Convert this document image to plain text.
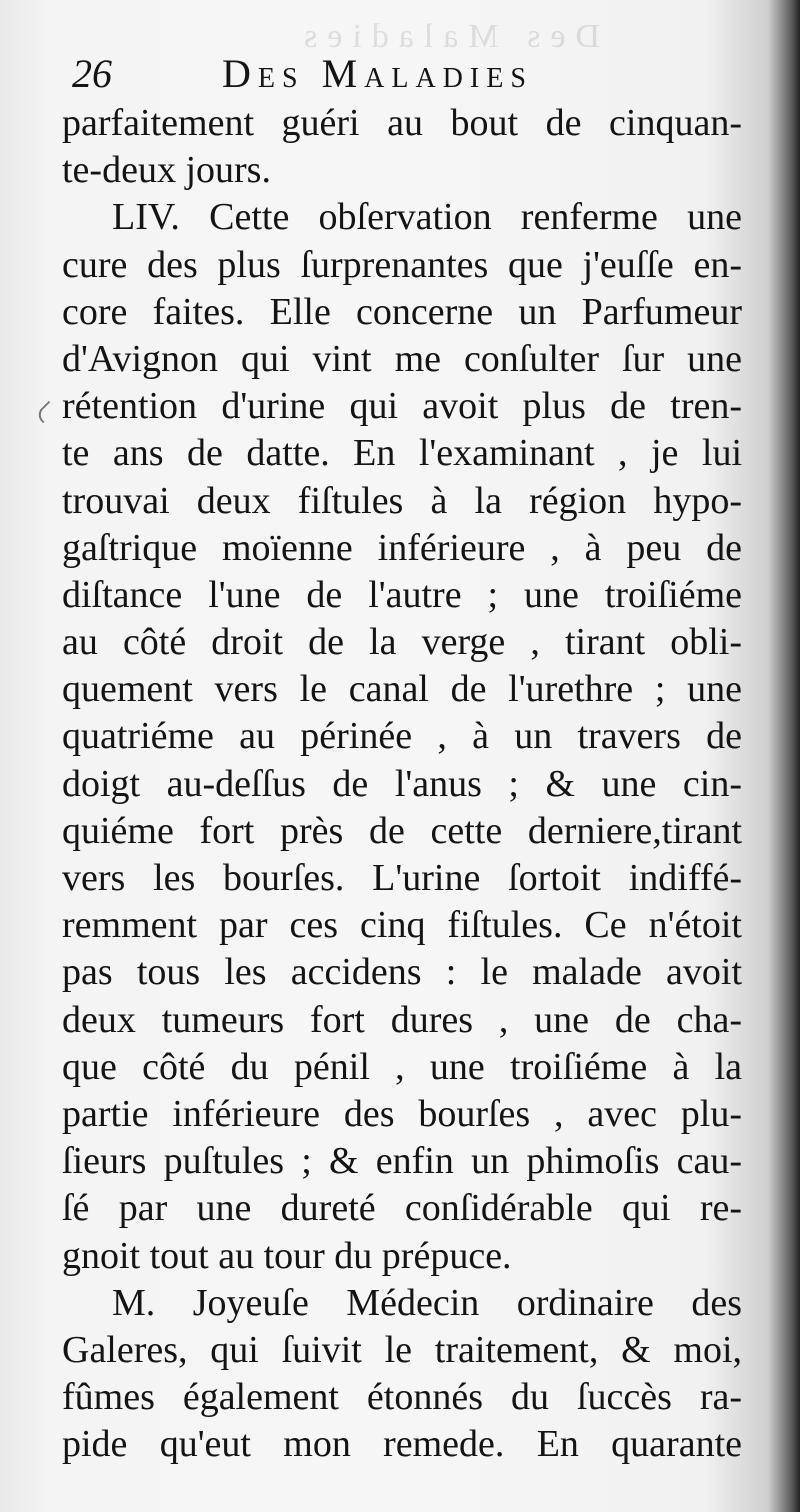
Des Maladies
26	Des Maladies
parfaitement guéri au bout de cinquan-
te-deux jours.
LIV. Cette obſervation renferme une
cure des plus ſurprenantes que j'euſſe en-
core faites. Elle concerne un Parfumeur
d'Avignon qui vint me conſulter ſur une
rétention d'urine qui avoit plus de tren-
te ans de datte. En l'examinant , je lui
trouvai deux fiſtules à la région hypo-
gaſtrique moïenne inférieure , à peu de
diſtance l'une de l'autre ; une troiſiéme
au côté droit de la verge , tirant obli-
quement vers le canal de l'urethre ; une
quatriéme au périnée , à un travers de
doigt au-deſſus de l'anus ; & une cin-
quiéme fort près de cette derniere,tirant
vers les bourſes. L'urine ſortoit indiffé-
remment par ces cinq fiſtules. Ce n'étoit
pas tous les accidens : le malade avoit
deux tumeurs fort dures , une de cha-
que côté du pénil , une troiſiéme à la
partie inférieure des bourſes , avec plu-
ſieurs puſtules ; & enfin un phimoſis cau-
ſé par une dureté conſidérable qui re-
gnoit tout au tour du prépuce.
M. Joyeuſe Médecin ordinaire des
Galeres, qui ſuivit le traitement, & moi,
fûmes également étonnés du ſuccès ra-
pide qu'eut mon remede. En quarante
